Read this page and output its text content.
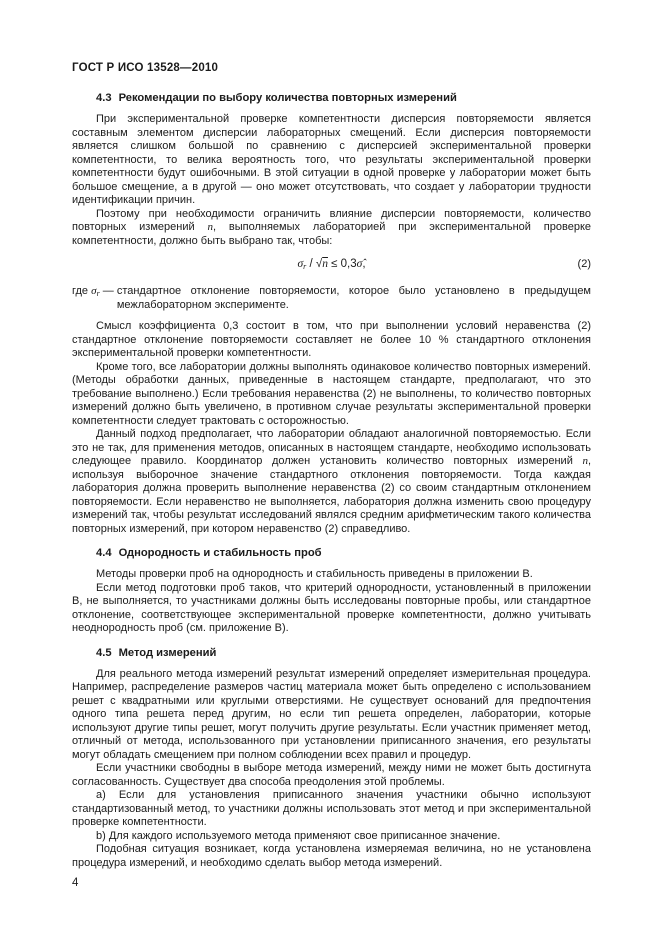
ГОСТ Р ИСО 13528—2010
4.3 Рекомендации по выбору количества повторных измерений

При экспериментальной проверке компетентности дисперсия повторяемости является составным элементом дисперсии лабораторных смещений. Если дисперсия повторяемости является слишком большой по сравнению с дисперсией экспериментальной проверки компетентности, то велика вероятность того, что результаты экспериментальной проверки компетентности будут ошибочными. В этой ситуации в одной проверке у лаборатории может быть большое смещение, а в другой — оно может отсутствовать, что создает у лаборатории трудности идентификации причин.

Поэтому при необходимости ограничить влияние дисперсии повторяемости, количество повторных измерений n, выполняемых лабораторией при экспериментальной проверке компетентности, должно быть выбрано так, чтобы:

$\sigma_r / √n$ ≤ 0,3σ̂,	(2)
где $\sigma_r$ — стандартное отклонение повторяемости, которое было установлено в предыдущем межлабораторном эксперименте.

Смысл коэффициента 0,3 состоит в том, что при выполнении условий неравенства (2) стандартное отклонение повторяемости составляет не более 10 % стандартного отклонения экспериментальной проверки компетентности.

Кроме того, все лаборатории должны выполнять одинаковое количество повторных измерений. (Методы обработки данных, приведенные в настоящем стандарте, предполагают, что это требование выполнено.) Если требования неравенства (2) не выполнены, то количество повторных измерений должно быть увеличено, в противном случае результаты экспериментальной проверки компетентности следует трактовать с осторожностью.

Данный подход предполагает, что лаборатории обладают аналогичной повторяемостью. Если это не так, для применения методов, описанных в настоящем стандарте, необходимо использовать следующее правило. Координатор должен установить количество повторных измерений n, используя выборочное значение стандартного отклонения повторяемости. Тогда каждая лаборатория должна проверить выполнение неравенства (2) со своим стандартным отклонением повторяемости. Если неравенство не выполняется, лаборатория должна изменить свою процедуру измерений так, чтобы результат исследований являлся средним арифметическим такого количества повторных измерений, при котором неравенство (2) справедливо.

4.4 Однородность и стабильность проб

Методы проверки проб на однородность и стабильность приведены в приложении В.

Если метод подготовки проб таков, что критерий однородности, установленный в приложении В, не выполняется, то участниками должны быть исследованы повторные пробы, или стандартное отклонение, соответствующее экспериментальной проверке компетентности, должно учитывать неоднородность проб (см. приложение В).

4.5 Метод измерений

Для реального метода измерений результат измерений определяет измерительная процедура. Например, распределение размеров частиц материала может быть определено с использованием решет с квадратными или круглыми отверстиями. Не существует оснований для предпочтения одного типа решета перед другим, но если тип решета определен, лаборатории, которые используют другие типы решет, могут получить другие результаты. Если участник применяет метод, отличный от метода, использованного при установлении приписанного значения, его результаты могут обладать смещением при полном соблюдении всех правил и процедур.

Если участники свободны в выборе метода измерений, между ними не может быть достигнута согласованность. Существует два способа преодоления этой проблемы.

a) Если для установления приписанного значения участники обычно используют стандартизованный метод, то участники должны использовать этот метод и при экспериментальной проверке компетентности.

b) Для каждого используемого метода применяют свое приписанное значение.

Подобная ситуация возникает, когда установлена измеряемая величина, но не установлена процедура измерений, и необходимо сделать выбор метода измерений.

4
